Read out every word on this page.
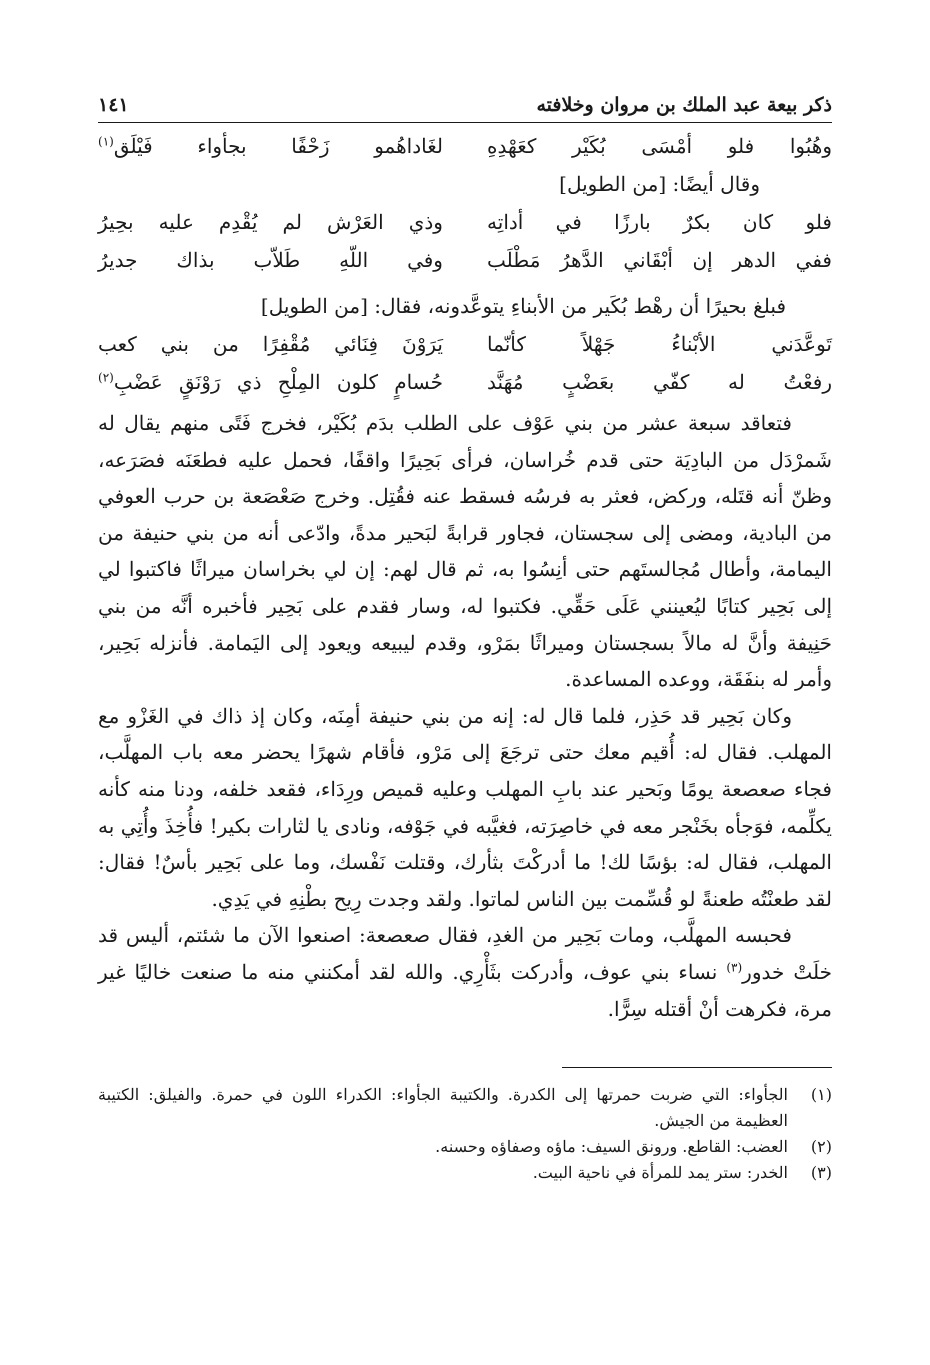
ذكر بيعة عبد الملك بن مروان وخلافته
١٤١
وهُبُوا فلو أمْسَى بُكَيْر كعَهْدِهِ
لغَاداهُمو زَحْفًا بجأواء فَيْلَق$^{(١)}$
وقال أيضًا: [من الطويل]
فلو كان بكرٌ بارزًا في أداتِه
وذي العَرْش لم يُقْدِم عليه بحِيرُ
ففي الدهر إن أبْقَاني الدَّهرُ مَطْلَب
وفي اللّهِ طَلاّب بذاك جديرُ
فبلغ بحيرًا أن رهْط بُكَير من الأبناءِ يتوعَّدونه، فقال: [من الطويل]
تَوعَّدَني الأبْناءُ جَهْلاً كأنّما
يَرَوْنَ فِنَائي مُقْفِرًا من بني كعب
رفعْتُ له كفّي بعَضْبٍ مُهَنَّد
حُسامٍ كلون المِلْحِ ذي رَوْنَقٍ عَضْبِ$^{(٢)}$

فتعاقد سبعة عشر من بني عَوْف على الطلب بدَم بُكَيْر، فخرج فَتًى منهم يقال له شَمرْدَل من البادِيَة حتى قدم خُراسان، فرأى بَحِيرًا واقفًا، فحمل عليه فطعَنَه فصَرَعه، وظنّ أنه قتَله، وركض، فعثر به فرسُه فسقط عنه فقُتِل. وخرج صَعْصَعة بن حرب العوفي من البادية، ومضى إلى سجستان، فجاور قرابةً لبَحير مدةً، وادّعى أنه من بني حنيفة من اليمامة، وأطال مُجالستَهم حتى أنِسُوا به، ثم قال لهم: إن لي بخراسان ميراثًا فاكتبوا لي إلى بَحِير كتابًا ليُعينني عَلَى حَقِّي. فكتبوا له، وسار فقدم على بَحِير فأخبره أنَّه من بني حَنِيفة وأنَّ له مالاً بسجستان وميراثًا بمَرْو، وقدم ليبيعه ويعود إلى اليَمامة. فأنزله بَحِير، وأمر له بنفَقَة، ووعده المساعدة.

وكان بَحِير قد حَذِر، فلما قال له: إنه من بني حنيفة أمِنَه، وكان إذ ذاك في الغَزْو مع المهلب. فقال له: أُقيم معك حتى ترجَعَ إلى مَرْو، فأقام شهرًا يحضر معه باب المهلَّب، فجاء صعصعة يومًا وبَحير عند بابِ المهلب وعليه قميص ورِدَاء، فقعد خلفه، ودنا منه كأنه يكلِّمه، فوَجأه بخَنْجر معه في خاصِرَته، فغيَّبه في جَوْفه، ونادى يا لثارات بكير! فأُخِذَ وأُتِي به المهلب، فقال له: بؤسًا لك! ما أدركْتَ بثأرك، وقتلت نَفْسك، وما على بَحِير بأسٌ! فقال: لقد طعنْتُه طعنةً لو قُسِّمت بين الناس لماتوا. ولقد وجدت رِيح بطْنِهِ في يَدِي.

فحبسه المهلَّب، ومات بَحِير من الغدِ، فقال صعصعة: اصنعوا الآن ما شئتم، أليس قد خلَتْ خدور$^{(٣)}$ نساء بني عوف، وأدركت بثَأْرِي. والله لقد أمكنني منه ما صنعت خاليًا غير مرة، فكرهت أنْ أقتله سِرًّا.

(١)
الجأواء: التي ضربت حمرتها إلى الكدرة. والكتيبة الجأواء: الكدراء اللون في حمرة. والفيلق: الكتيبة العظيمة من الجيش.
(٢)
العضب: القاطع. ورونق السيف: ماؤه وصفاؤه وحسنه.
(٣)
الخدر: ستر يمد للمرأة في ناحية البيت.
